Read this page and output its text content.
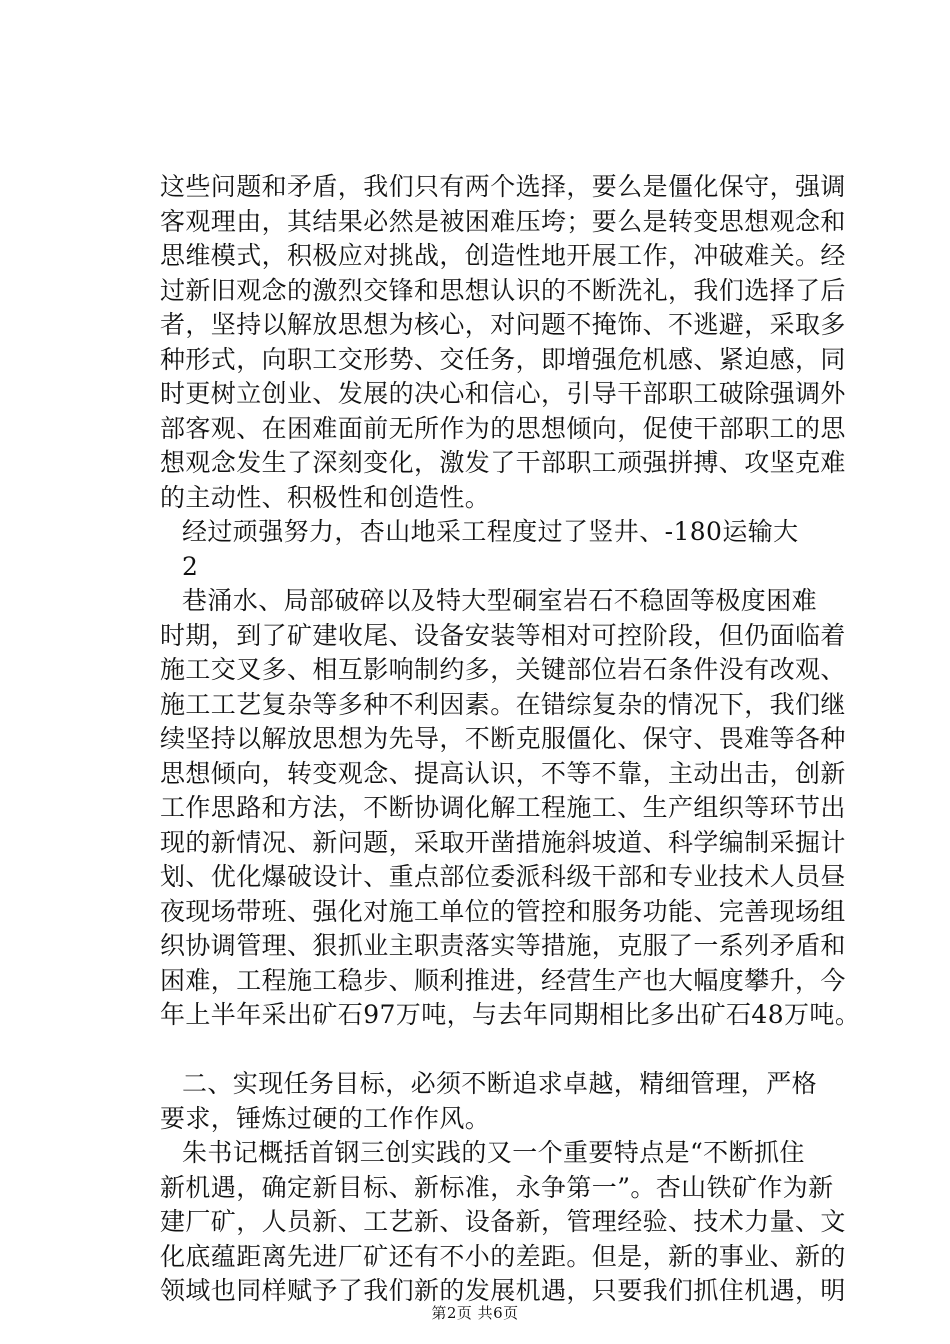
这些问题和矛盾，我们只有两个选择，要么是僵化保守，强调
客观理由，其结果必然是被困难压垮；要么是转变思想观念和
思维模式，积极应对挑战，创造性地开展工作，冲破难关。经
过新旧观念的激烈交锋和思想认识的不断洗礼，我们选择了后
者，坚持以解放思想为核心，对问题不掩饰、不逃避，采取多
种形式，向职工交形势、交任务，即增强危机感、紧迫感，同
时更树立创业、发展的决心和信心，引导干部职工破除强调外
部客观、在困难面前无所作为的思想倾向，促使干部职工的思
想观念发生了深刻变化，激发了干部职工顽强拼搏、攻坚克难
的主动性、积极性和创造性。
经过顽强努力，杏山地采工程度过了竖井、-180运输大
2
巷涌水、局部破碎以及特大型硐室岩石不稳固等极度困难
时期，到了矿建收尾、设备安装等相对可控阶段，但仍面临着
施工交叉多、相互影响制约多，关键部位岩石条件没有改观、
施工工艺复杂等多种不利因素。在错综复杂的情况下，我们继
续坚持以解放思想为先导，不断克服僵化、保守、畏难等各种
思想倾向，转变观念、提高认识，不等不靠，主动出击，创新
工作思路和方法，不断协调化解工程施工、生产组织等环节出
现的新情况、新问题，采取开凿措施斜坡道、科学编制采掘计
划、优化爆破设计、重点部位委派科级干部和专业技术人员昼
夜现场带班、强化对施工单位的管控和服务功能、完善现场组
织协调管理、狠抓业主职责落实等措施，克服了一系列矛盾和
困难，工程施工稳步、顺利推进，经营生产也大幅度攀升，今
年上半年采出矿石97万吨，与去年同期相比多出矿石48万吨。
二、实现任务目标，必须不断追求卓越，精细管理，严格
要求，锤炼过硬的工作作风。
朱书记概括首钢三创实践的又一个重要特点是“不断抓住
新机遇，确定新目标、新标准，永争第一”。杏山铁矿作为新
建厂矿，人员新、工艺新、设备新，管理经验、技术力量、文
化底蕴距离先进厂矿还有不小的差距。但是，新的事业、新的
领域也同样赋予了我们新的发展机遇，只要我们抓住机遇，明
第2页 共6页
